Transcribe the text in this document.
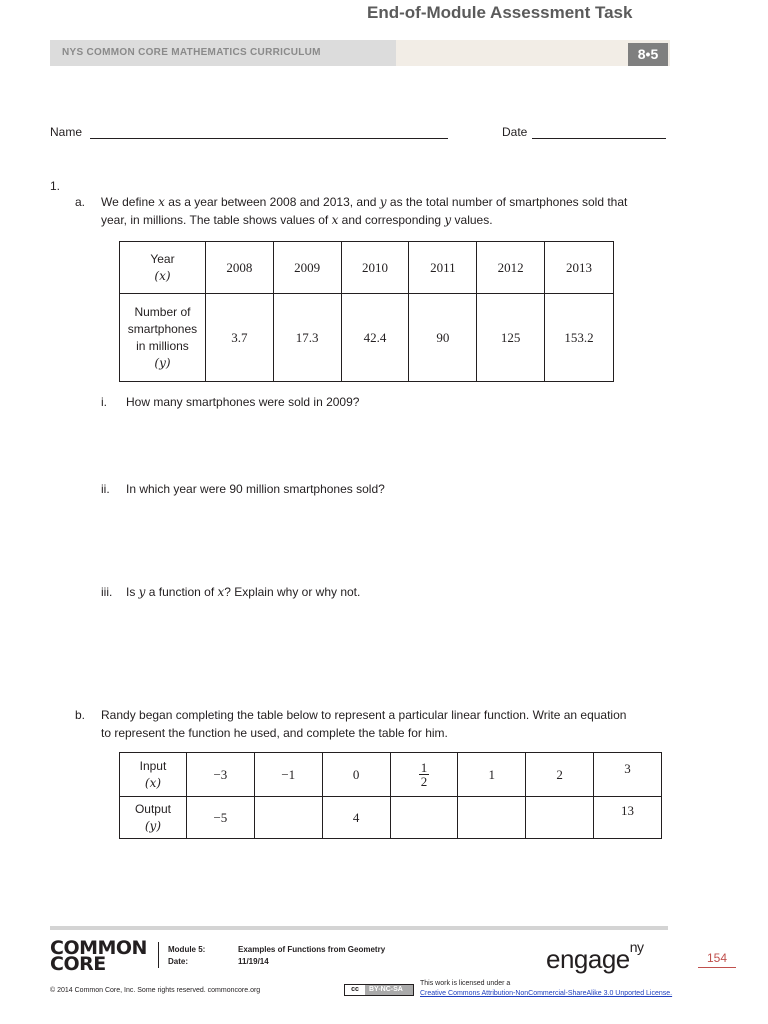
NYS COMMON CORE MATHEMATICS CURRICULUM
End-of-Module Assessment Task
8•5
Name	Date
1.
a. We define x as a year between 2008 and 2013, and y as the total number of smartphones sold that
year, in millions. The table shows values of x and corresponding y values.
Year
(x)	2008	2009	2010	2011	2012	2013
Number of
smartphones
in millions
(y)	3.7	17.3	42.4	90	125	153.2
i. How many smartphones were sold in 2009?
ii. In which year were 90 million smartphones sold?
iii. Is y a function of x? Explain why or why not.
b. Randy began completing the table below to represent a particular linear function. Write an equation
to represent the function he used, and complete the table for him.
Input
(x)	−3	−1	0	$\frac{1}{2}$	1	2	3
Output
(y)	−5		4				13
COMMON
CORE
Module 5:	Examples of Functions from Geometry
Date:	11/19/14	engage$^{ny}$
154
© 2014 Common Core, Inc. Some rights reserved. commoncore.org	cc BY-NC-SA
This work is licensed under a
Creative Commons Attribution-NonCommercial-ShareAlike 3.0 Unported License.
